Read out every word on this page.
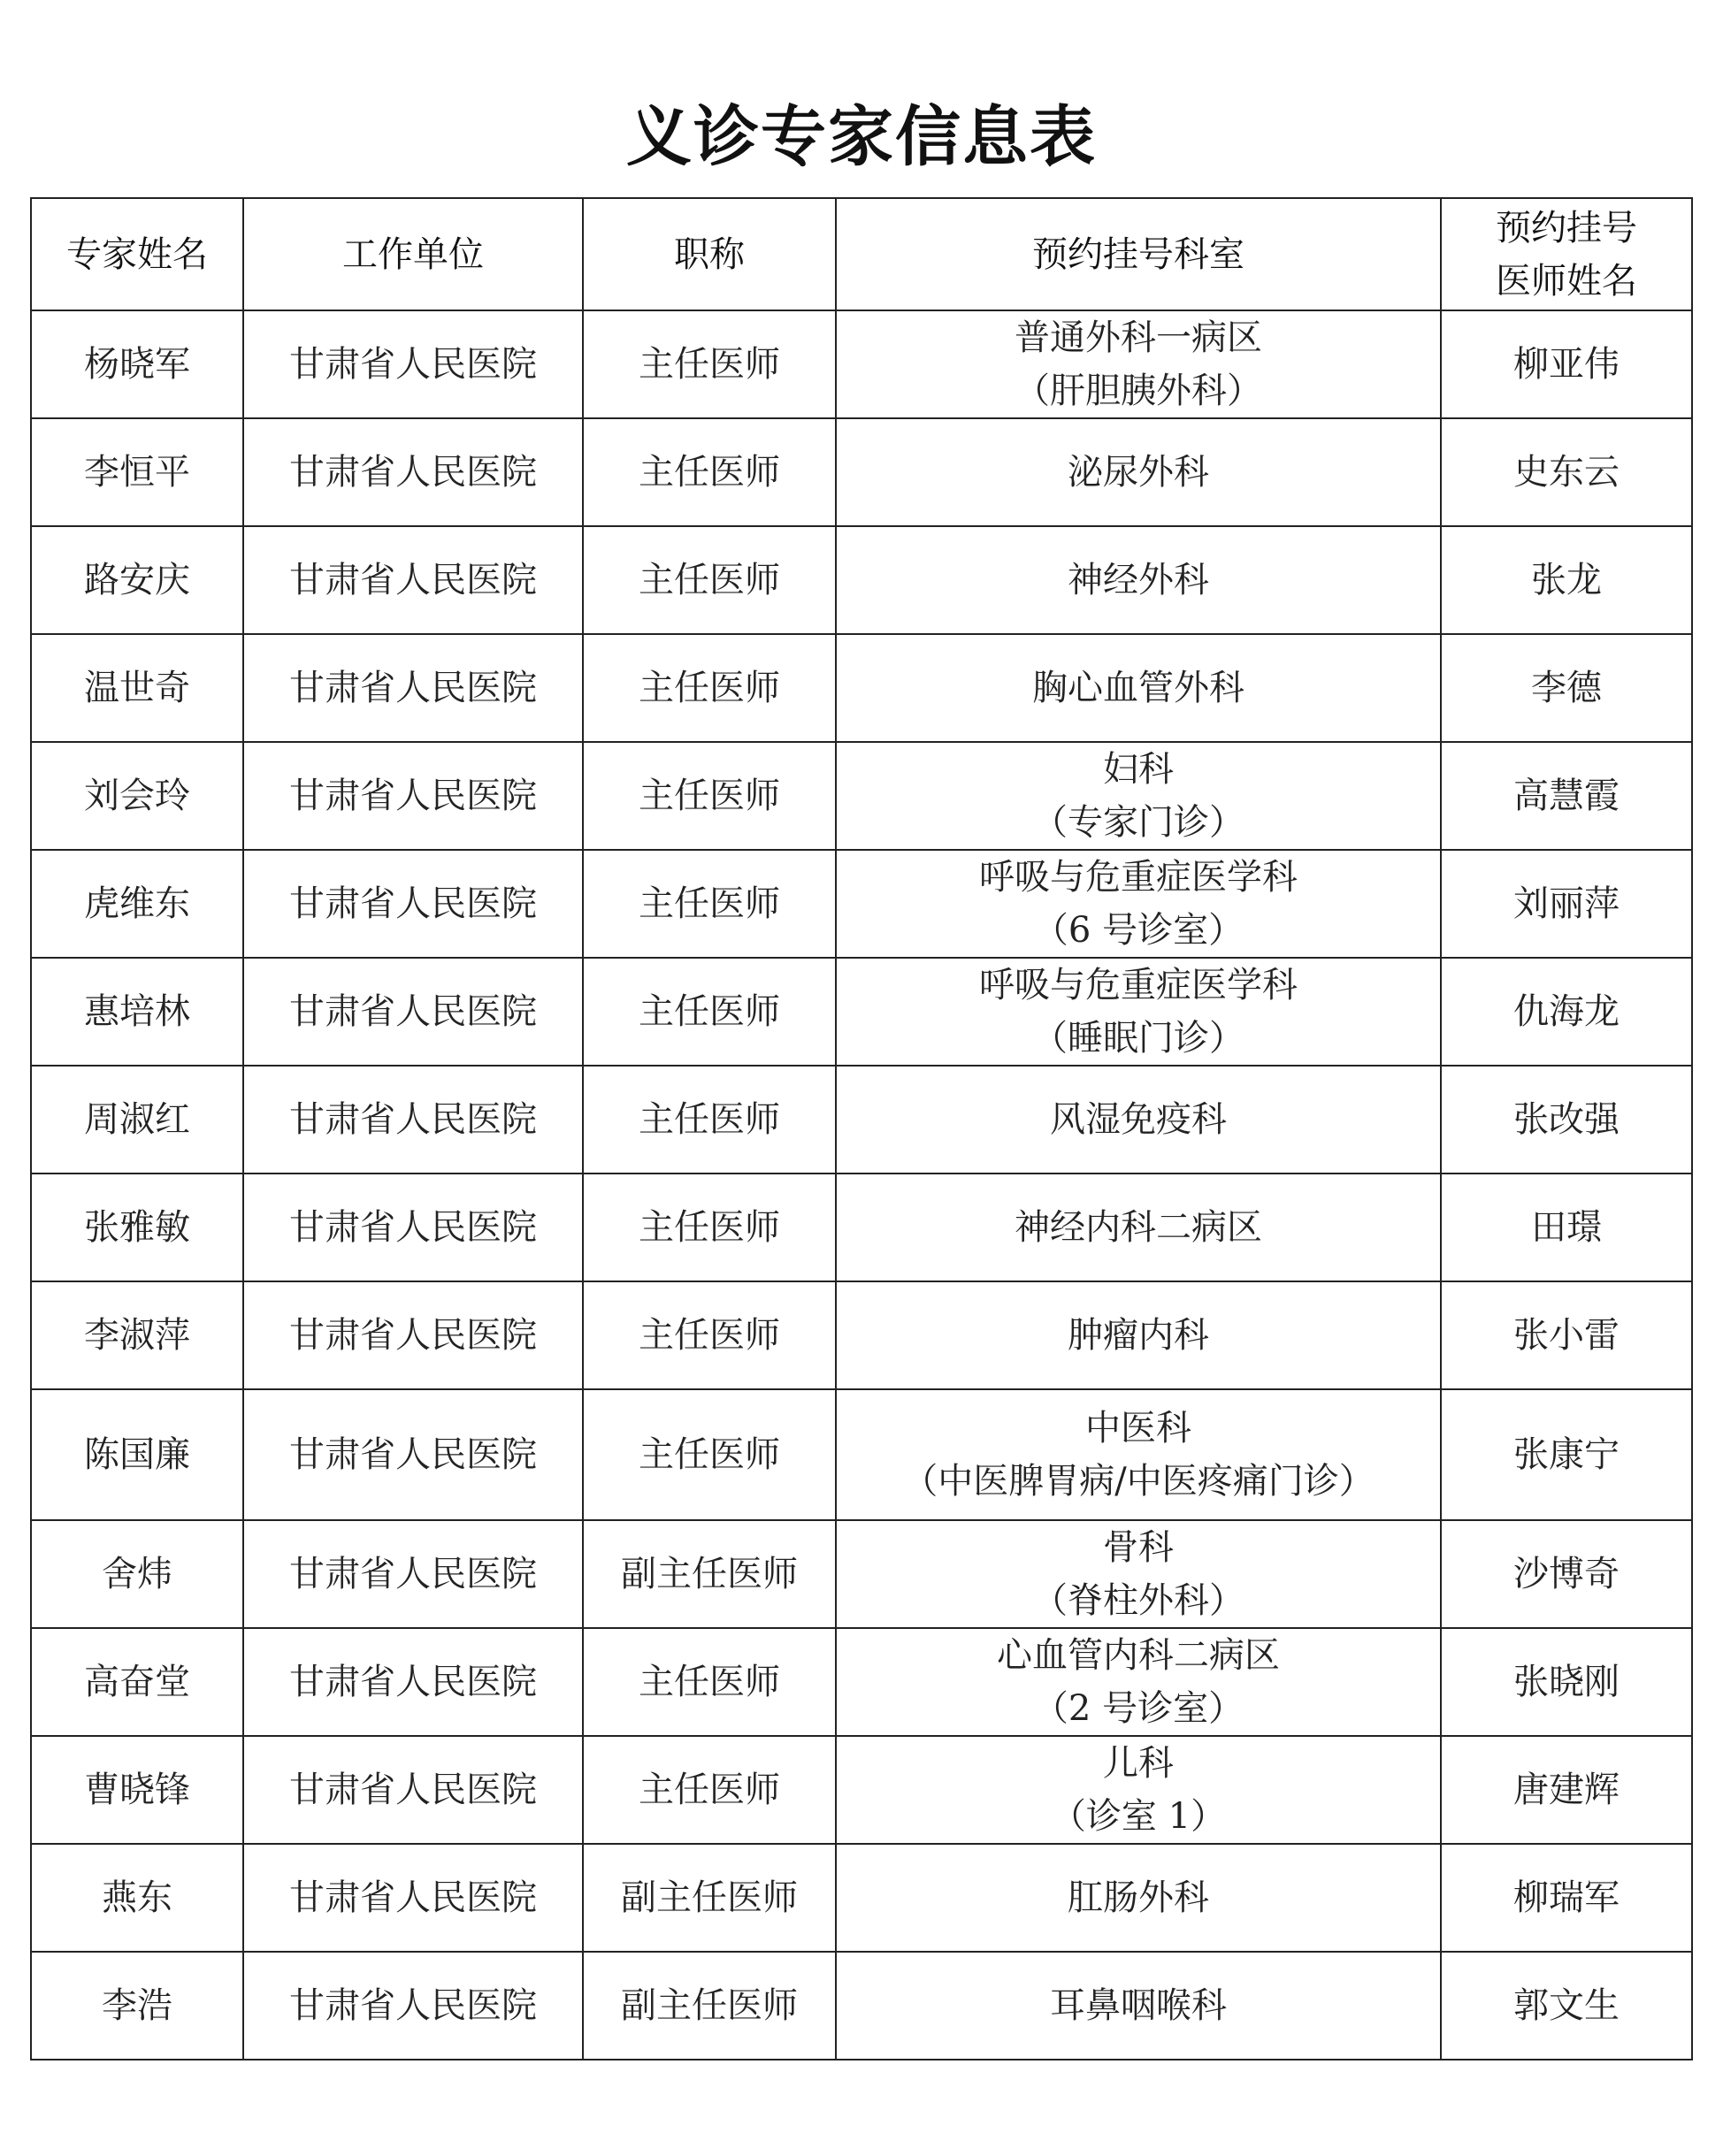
义诊专家信息表
专家姓名	工作单位	职称	预约挂号科室	预约挂号
医师姓名

杨晓军	甘肃省人民医院	主任医师	普通外科一病区
（肝胆胰外科）	柳亚伟
李恒平	甘肃省人民医院	主任医师	泌尿外科	史东云
路安庆	甘肃省人民医院	主任医师	神经外科	张龙
温世奇	甘肃省人民医院	主任医师	胸心血管外科	李德
刘会玲	甘肃省人民医院	主任医师	妇科
（专家门诊）	高慧霞
虎维东	甘肃省人民医院	主任医师	呼吸与危重症医学科
（6 号诊室）	刘丽萍
惠培林	甘肃省人民医院	主任医师	呼吸与危重症医学科
（睡眠门诊）	仇海龙
周淑红	甘肃省人民医院	主任医师	风湿免疫科	张改强
张雅敏	甘肃省人民医院	主任医师	神经内科二病区	田璟
李淑萍	甘肃省人民医院	主任医师	肿瘤内科	张小雷
陈国廉	甘肃省人民医院	主任医师	中医科
（中医脾胃病/中医疼痛门诊）	张康宁
舍炜	甘肃省人民医院	副主任医师	骨科
（脊柱外科）	沙博奇
高奋堂	甘肃省人民医院	主任医师	心血管内科二病区
（2 号诊室）	张晓刚
曹晓锋	甘肃省人民医院	主任医师	儿科
（诊室 1）	唐建辉
燕东	甘肃省人民医院	副主任医师	肛肠外科	柳瑞军
李浩	甘肃省人民医院	副主任医师	耳鼻咽喉科	郭文生
